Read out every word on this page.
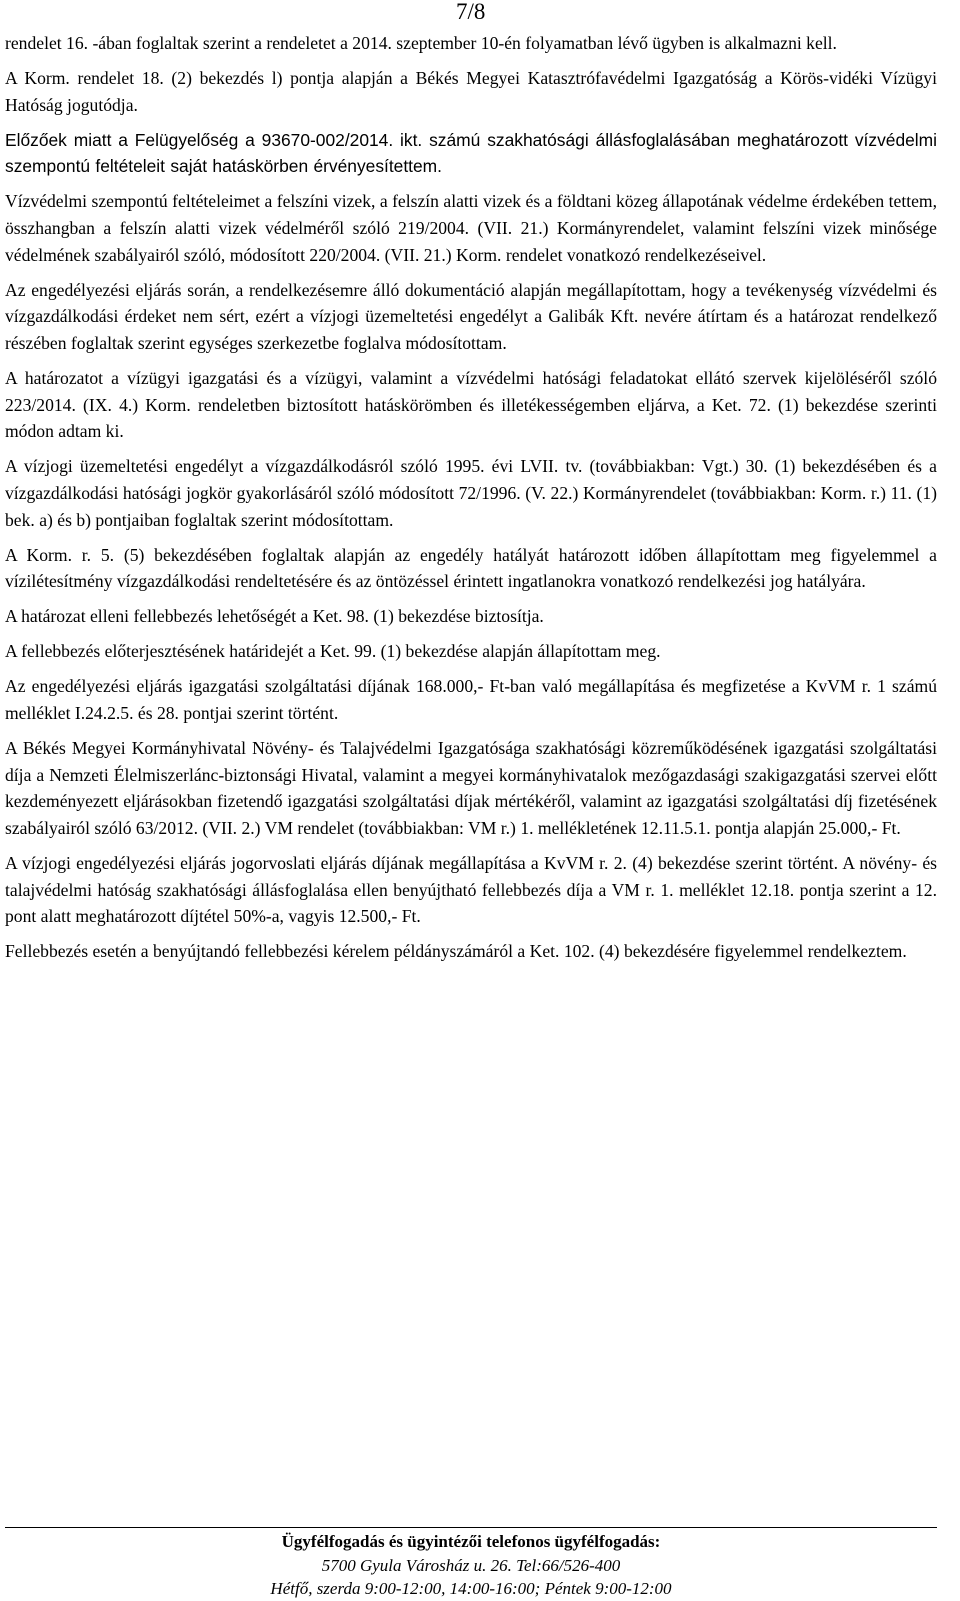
7/8

rendelet 16. -ában foglaltak szerint a rendeletet a 2014. szeptember 10-én folyamatban lévő ügyben is alkalmazni kell.

A Korm. rendelet 18. (2) bekezdés l) pontja alapján a Békés Megyei Katasztrófavédelmi Igazgatóság a Körös-vidéki Vízügyi Hatóság jogutódja.

Előzőek miatt a Felügyelőség a 93670-002/2014. ikt. számú szakhatósági állásfoglalásában meghatározott vízvédelmi szempontú feltételeit saját hatáskörben érvényesítettem.

Vízvédelmi szempontú feltételeimet a felszíni vizek, a felszín alatti vizek és a földtani közeg állapotának védelme érdekében tettem, összhangban a felszín alatti vizek védelméről szóló 219/2004. (VII. 21.) Kormányrendelet, valamint felszíni vizek minősége védelmének szabályairól szóló, módosított 220/2004. (VII. 21.) Korm. rendelet vonatkozó rendelkezéseivel.

Az engedélyezési eljárás során, a rendelkezésemre álló dokumentáció alapján megállapítottam, hogy a tevékenység vízvédelmi és vízgazdálkodási érdeket nem sért, ezért a vízjogi üzemeltetési engedélyt a Galibák Kft. nevére átírtam és a határozat rendelkező részében foglaltak szerint egységes szerkezetbe foglalva módosítottam.

A határozatot a vízügyi igazgatási és a vízügyi, valamint a vízvédelmi hatósági feladatokat ellátó szervek kijelöléséről szóló 223/2014. (IX. 4.) Korm. rendeletben biztosított hatáskörömben és illetékességemben eljárva, a Ket. 72. (1) bekezdése szerinti módon adtam ki.

A vízjogi üzemeltetési engedélyt a vízgazdálkodásról szóló 1995. évi LVII. tv. (továbbiakban: Vgt.) 30. (1) bekezdésében és a vízgazdálkodási hatósági jogkör gyakorlásáról szóló módosított 72/1996. (V. 22.) Kormányrendelet (továbbiakban: Korm. r.) 11. (1) bek. a) és b) pontjaiban foglaltak szerint módosítottam.

A Korm. r. 5. (5) bekezdésében foglaltak alapján az engedély hatályát határozott időben állapítottam meg figyelemmel a vízilétesítmény vízgazdálkodási rendeltetésére és az öntözéssel érintett ingatlanokra vonatkozó rendelkezési jog hatályára.

A határozat elleni fellebbezés lehetőségét a Ket. 98. (1) bekezdése biztosítja.

A fellebbezés előterjesztésének határidejét a Ket. 99. (1) bekezdése alapján állapítottam meg.

Az engedélyezési eljárás igazgatási szolgáltatási díjának 168.000,- Ft-ban való megállapítása és megfizetése a KvVM r. 1 számú melléklet I.24.2.5. és 28. pontjai szerint történt.

A Békés Megyei Kormányhivatal Növény- és Talajvédelmi Igazgatósága szakhatósági közreműködésének igazgatási szolgáltatási díja a Nemzeti Élelmiszerlánc-biztonsági Hivatal, valamint a megyei kormányhivatalok mezőgazdasági szakigazgatási szervei előtt kezdeményezett eljárásokban fizetendő igazgatási szolgáltatási díjak mértékéről, valamint az igazgatási szolgáltatási díj fizetésének szabályairól szóló 63/2012. (VII. 2.) VM rendelet (továbbiakban: VM r.) 1. mellékletének 12.11.5.1. pontja alapján 25.000,- Ft.

A vízjogi engedélyezési eljárás jogorvoslati eljárás díjának megállapítása a KvVM r. 2. (4) bekezdése szerint történt. A növény- és talajvédelmi hatóság szakhatósági állásfoglalása ellen benyújtható fellebbezés díja a VM r. 1. melléklet 12.18. pontja szerint a 12. pont alatt meghatározott díjtétel 50%-a, vagyis 12.500,- Ft.

Fellebbezés esetén a benyújtandó fellebbezési kérelem példányszámáról a Ket. 102. (4) bekezdésére figyelemmel rendelkeztem.

Ügyfélfogadás és ügyintézői telefonos ügyfélfogadás:
5700 Gyula Városház u. 26. Tel:66/526-400
Hétfő, szerda 9:00-12:00, 14:00-16:00; Péntek 9:00-12:00
